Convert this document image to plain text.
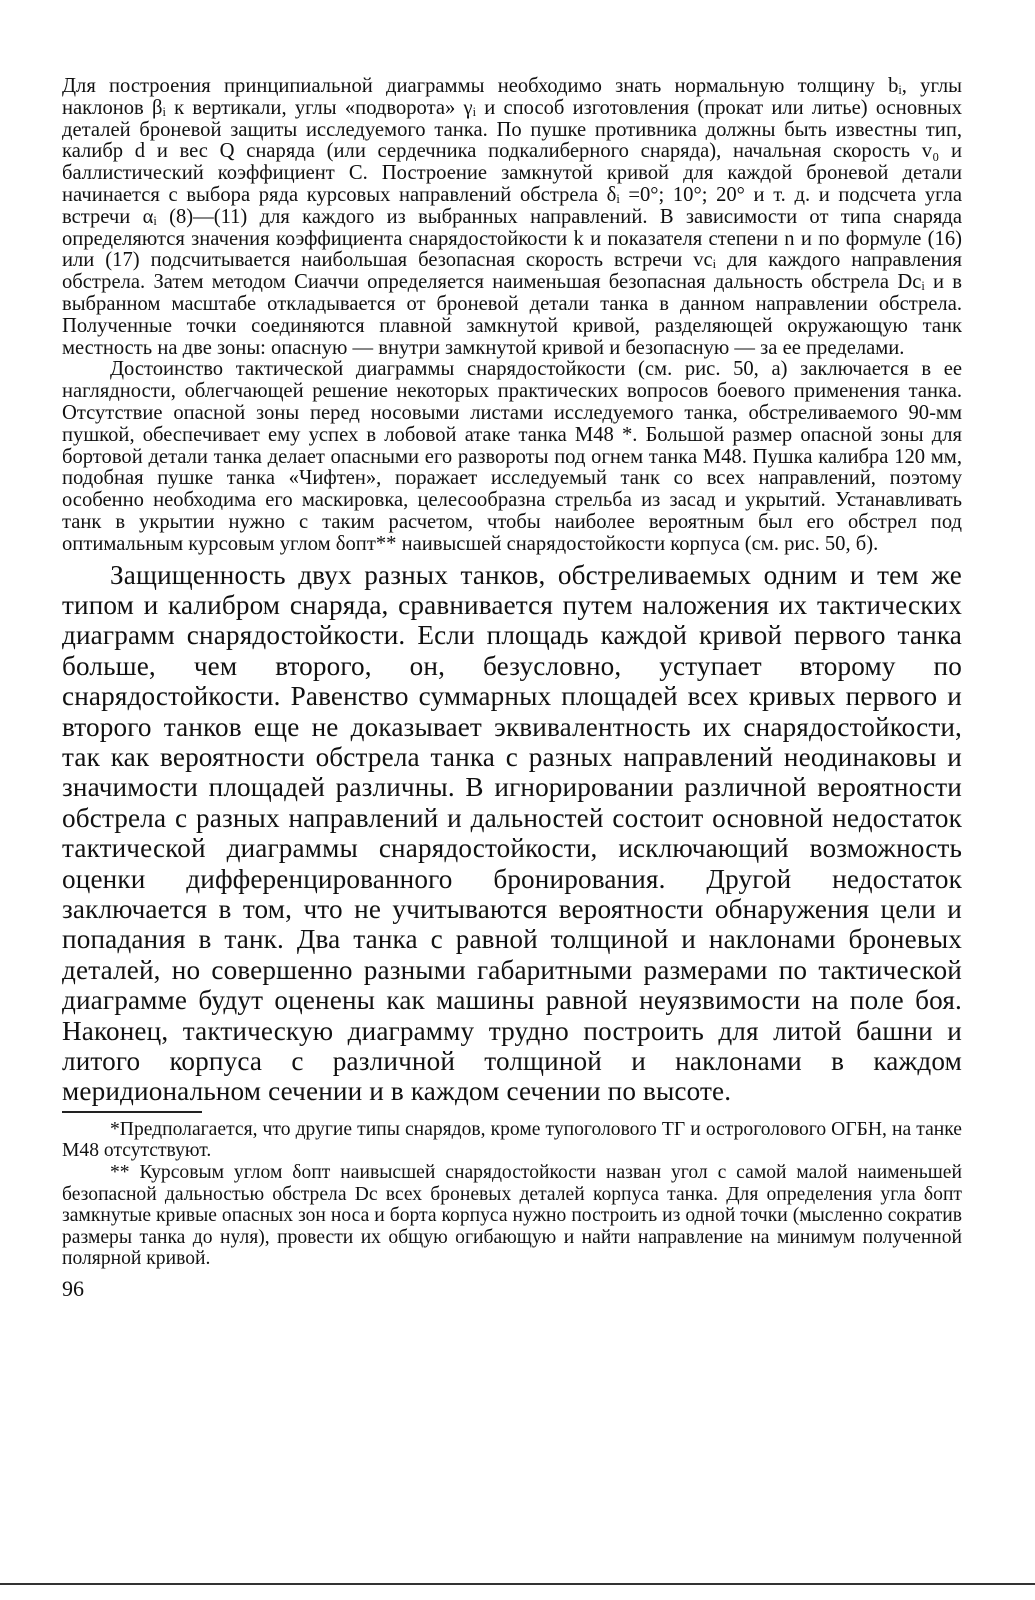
Для построения принципиальной диаграммы необходимо знать нормальную толщину bᵢ, углы наклонов βᵢ к вертикали, углы «подворота» γᵢ и способ изготовления (прокат или литье) основных деталей броневой защиты исследуемого танка. По пушке противника должны быть известны тип, калибр d и вес Q снаряда (или сердечника подкалиберного снаряда), начальная скорость v₀ и баллистический коэффициент C. Построение замкнутой кривой для каждой броневой детали начинается с выбора ряда курсовых направлений обстрела δᵢ =0°; 10°; 20° и т. д. и подсчета угла встречи αᵢ (8)—(11) для каждого из выбранных направлений. В зависимости от типа снаряда определяются значения коэффициента снарядостойкости k и показателя степени n и по формуле (16) или (17) подсчитывается наибольшая безопасная скорость встречи vcᵢ для каждого направления обстрела. Затем методом Сиаччи определяется наименьшая безопасная дальность обстрела Dcᵢ и в выбранном масштабе откладывается от броневой детали танка в данном направлении обстрела. Полученные точки соединяются плавной замкнутой кривой, разделяющей окружающую танк местность на две зоны: опасную — внутри замкнутой кривой и безопасную — за ее пределами.

Достоинство тактической диаграммы снарядостойкости (см. рис. 50, а) заключается в ее наглядности, облегчающей решение некоторых практических вопросов боевого применения танка. Отсутствие опасной зоны перед носовыми листами исследуемого танка, обстреливаемого 90-мм пушкой, обеспечивает ему успех в лобовой атаке танка М48 *. Большой размер опасной зоны для бортовой детали танка делает опасными его развороты под огнем танка М48. Пушка калибра 120 мм, подобная пушке танка «Чифтен», поражает исследуемый танк со всех направлений, поэтому особенно необходима его маскировка, целесообразна стрельба из засад и укрытий. Устанавливать танк в укрытии нужно с таким расчетом, чтобы наиболее вероятным был его обстрел под оптимальным курсовым углом δопт** наивысшей снарядостойкости корпуса (см. рис. 50, б).

Защищенность двух разных танков, обстреливаемых одним и тем же типом и калибром снаряда, сравнивается путем наложения их тактических диаграмм снарядостойкости. Если площадь каждой кривой первого танка больше, чем второго, он, безусловно, уступает второму по снарядостойкости. Равенство суммарных площадей всех кривых первого и второго танков еще не доказывает эквивалентность их снарядостойкости, так как вероятности обстрела танка с разных направлений неодинаковы и значимости площадей различны. В игнорировании различной вероятности обстрела с разных направлений и дальностей состоит основной недостаток тактической диаграммы снарядостойкости, исключающий возможность оценки дифференцированного бронирования. Другой недостаток заключается в том, что не учитываются вероятности обнаружения цели и попадания в танк. Два танка с равной толщиной и наклонами броневых деталей, но совершенно разными габаритными размерами по тактической диаграмме будут оценены как машины равной неуязвимости на поле боя. Наконец, тактическую диаграмму трудно построить для литой башни и литого корпуса с различной толщиной и наклонами в каждом меридиональном сечении и в каждом сечении по высоте.

*Предполагается, что другие типы снарядов, кроме тупоголового ТГ и остроголового ОГБН, на танке М48 отсутствуют.

** Курсовым углом δопт наивысшей снарядостойкости назван угол с самой малой наименьшей безопасной дальностью обстрела Dc всех броневых деталей корпуса танка. Для определения угла δопт замкнутые кривые опасных зон носа и борта корпуса нужно построить из одной точки (мысленно сократив размеры танка до нуля), провести их общую огибающую и найти направление на минимум полученной полярной кривой.

96
